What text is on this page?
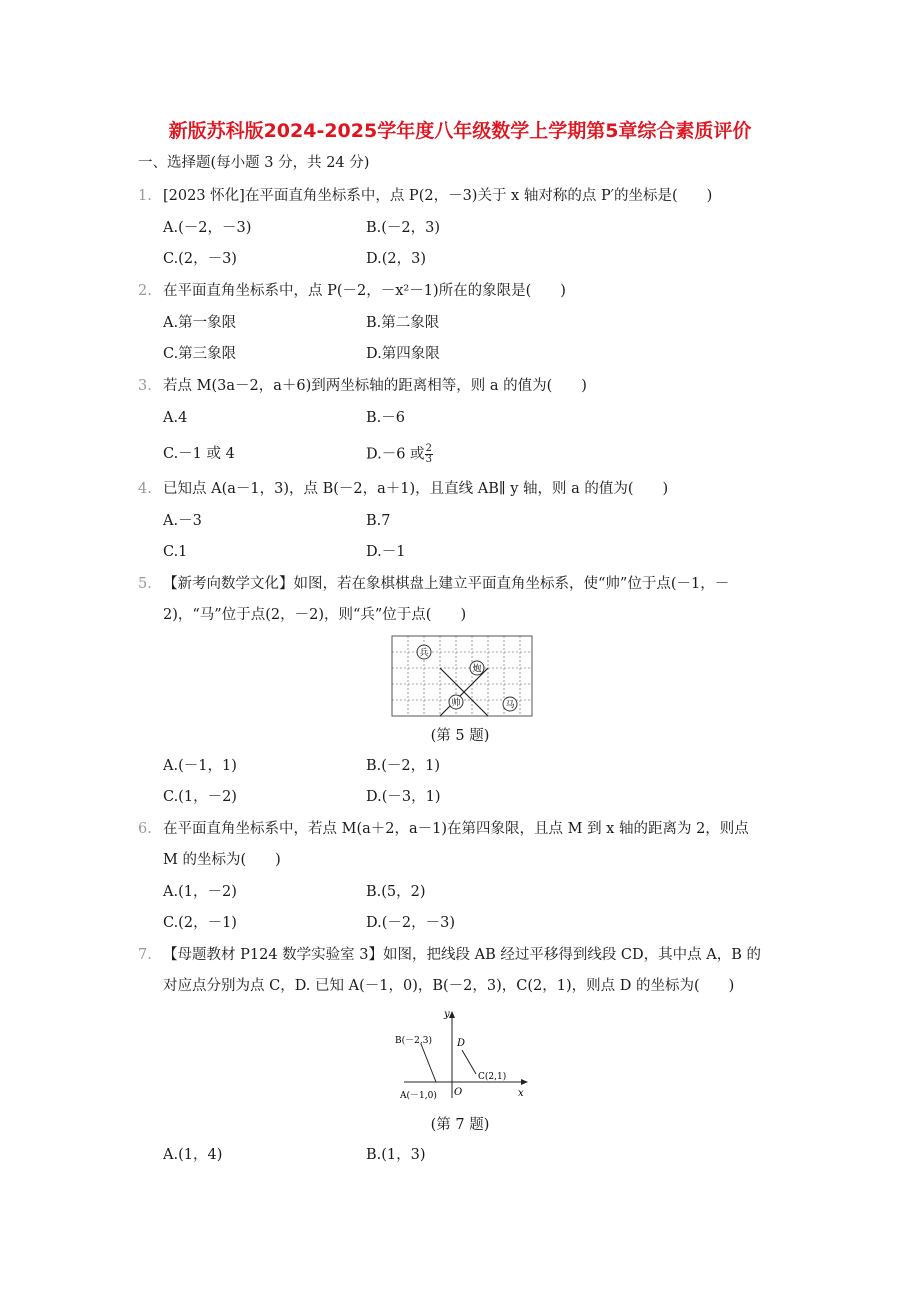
新版苏科版2024-2025学年度八年级数学上学期第5章综合素质评价
一、选择题(每小题 3 分，共 24 分)
1. [2023 怀化]在平面直角坐标系中，点 P(2，－3)关于 x 轴对称的点 P′的坐标是(　　)
A.(－2，－3)	B.(－2，3)
C.(2，－3)	D.(2，3)
2. 在平面直角坐标系中，点 P(－2，－x²－1)所在的象限是(　　)
A.第一象限	B.第二象限
C.第三象限	D.第四象限
3. 若点 M(3a－2，a＋6)到两坐标轴的距离相等，则 a 的值为(　　)
A.4	B.－6
C.－1 或 4	D.－6 或 $\frac{2}{3}$
4. 已知点 A(a－1，3)，点 B(－2，a＋1)，且直线 AB∥ y 轴，则 a 的值为(　　)
A.－3	B.7
C.1	D.－1
5. 【新考向数学文化】如图，若在象棋棋盘上建立平面直角坐标系，使“帅”位于点(－1，－
2)，“马”位于点(2，－2)，则“兵”位于点(　　)
兵
炮
帅	马
(第 5 题)
A.(－1，1)	B.(－2，1)
C.(1，－2)	D.(－3，1)
6. 在平面直角坐标系中，若点 M(a＋2，a－1)在第四象限，且点 M 到 x 轴的距离为 2，则点
M 的坐标为(　　)
A.(1，－2)	B.(5，2)
C.(2，－1)	D.(－2，－3)
7. 【母题教材 P124 数学实验室 3】如图，把线段 AB 经过平移得到线段 CD，其中点 A，B 的
对应点分别为点 C，D. 已知 A(－1，0)，B(－2，3)，C(2，1)，则点 D 的坐标为(　　)
y
x
O
B(－2,3)	D
C(2,1)
A(－1,0)
(第 7 题)
A.(1，4)	B.(1，3)
